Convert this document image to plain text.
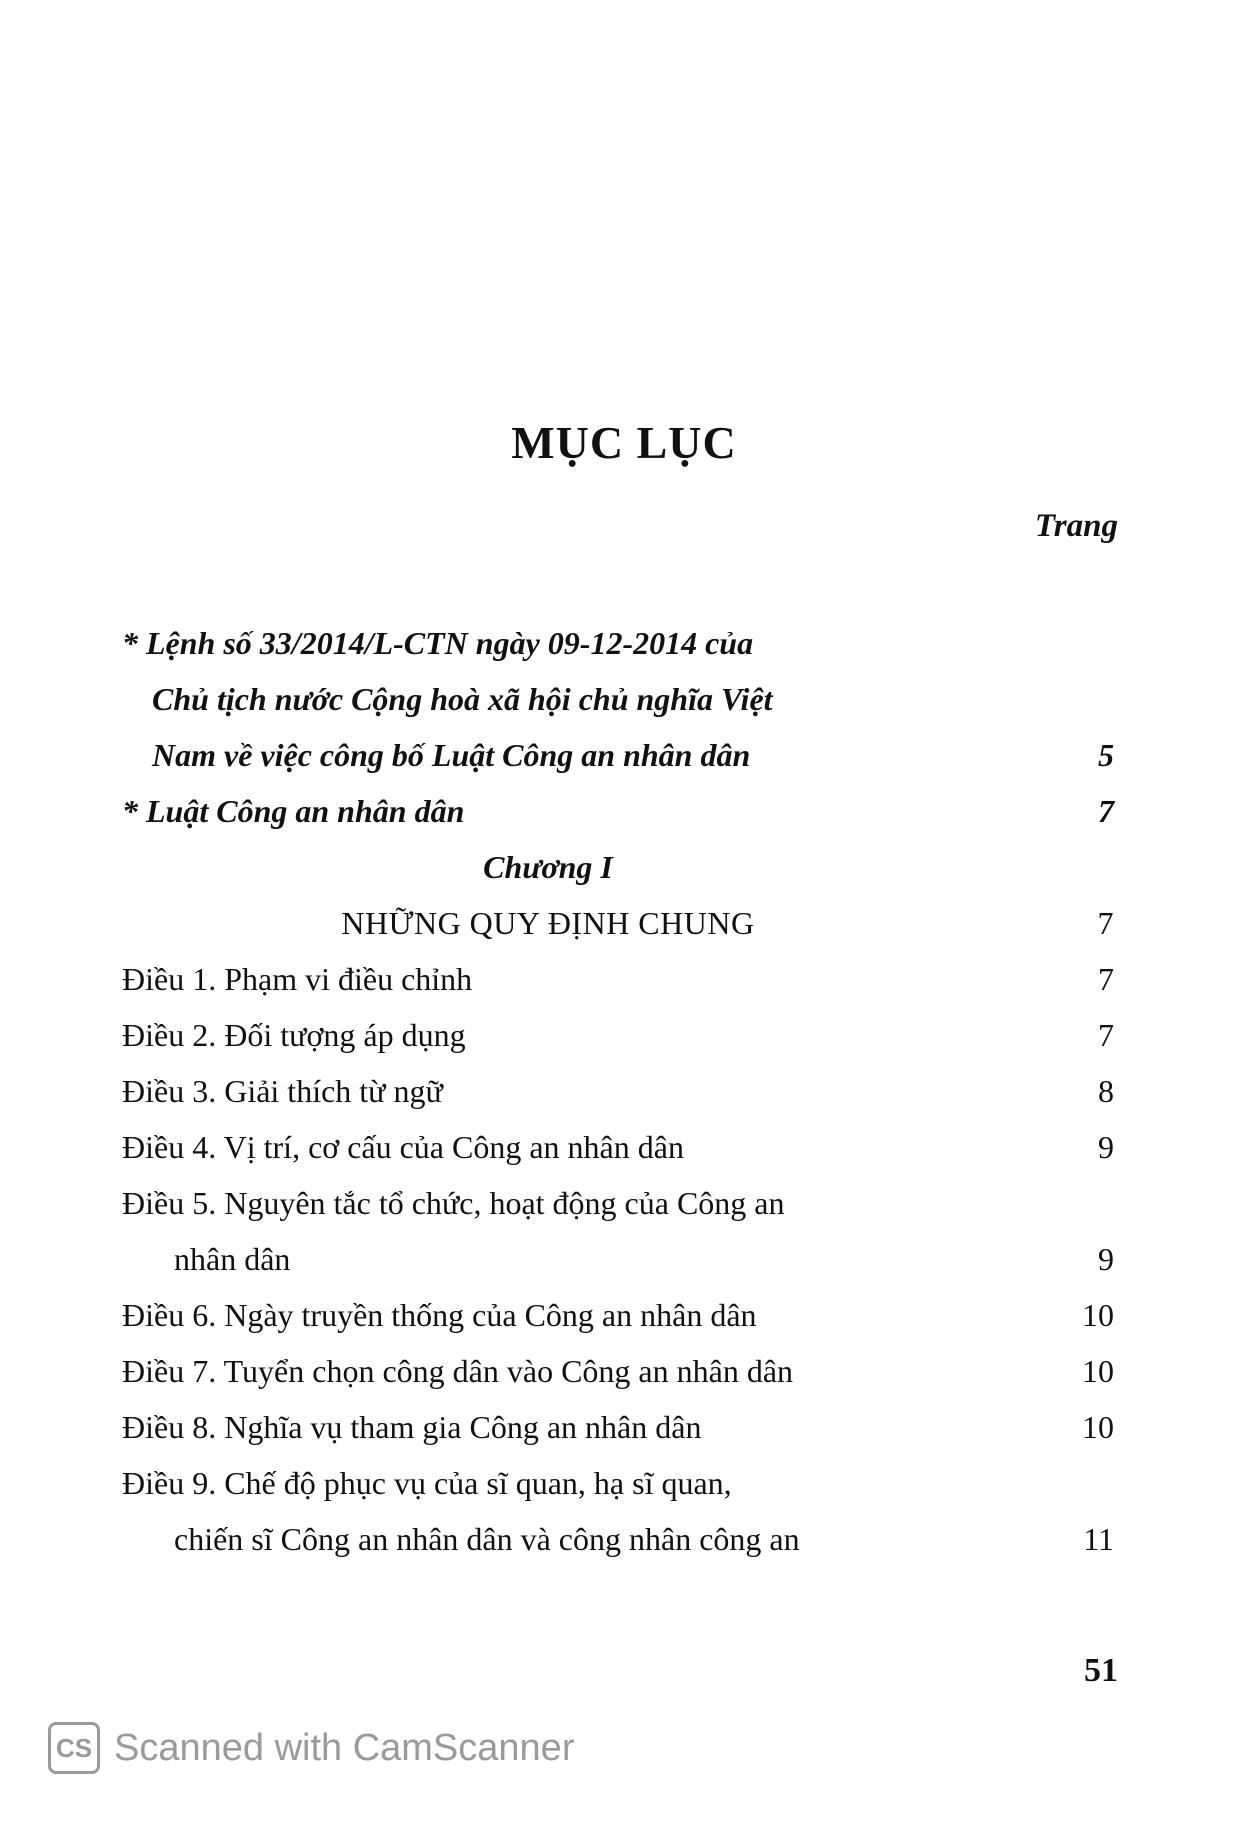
MỤC LỤC
Trang
* Lệnh số 33/2014/L-CTN ngày 09-12-2014 của
Chủ tịch nước Cộng hoà xã hội chủ nghĩa Việt
Nam về việc công bố Luật Công an nhân dân	5
* Luật Công an nhân dân	7
Chương I
NHỮNG QUY ĐỊNH CHUNG	7
Điều 1. Phạm vi điều chỉnh	7
Điều 2. Đối tượng áp dụng	7
Điều 3. Giải thích từ ngữ	8
Điều 4. Vị trí, cơ cấu của Công an nhân dân	9
Điều 5. Nguyên tắc tổ chức, hoạt động của Công an
nhân dân	9
Điều 6. Ngày truyền thống của Công an nhân dân	10
Điều 7. Tuyển chọn công dân vào Công an nhân dân	10
Điều 8. Nghĩa vụ tham gia Công an nhân dân	10
Điều 9. Chế độ phục vụ của sĩ quan, hạ sĩ quan,
chiến sĩ Công an nhân dân và công nhân công an	11
51
CS Scanned with CamScanner
